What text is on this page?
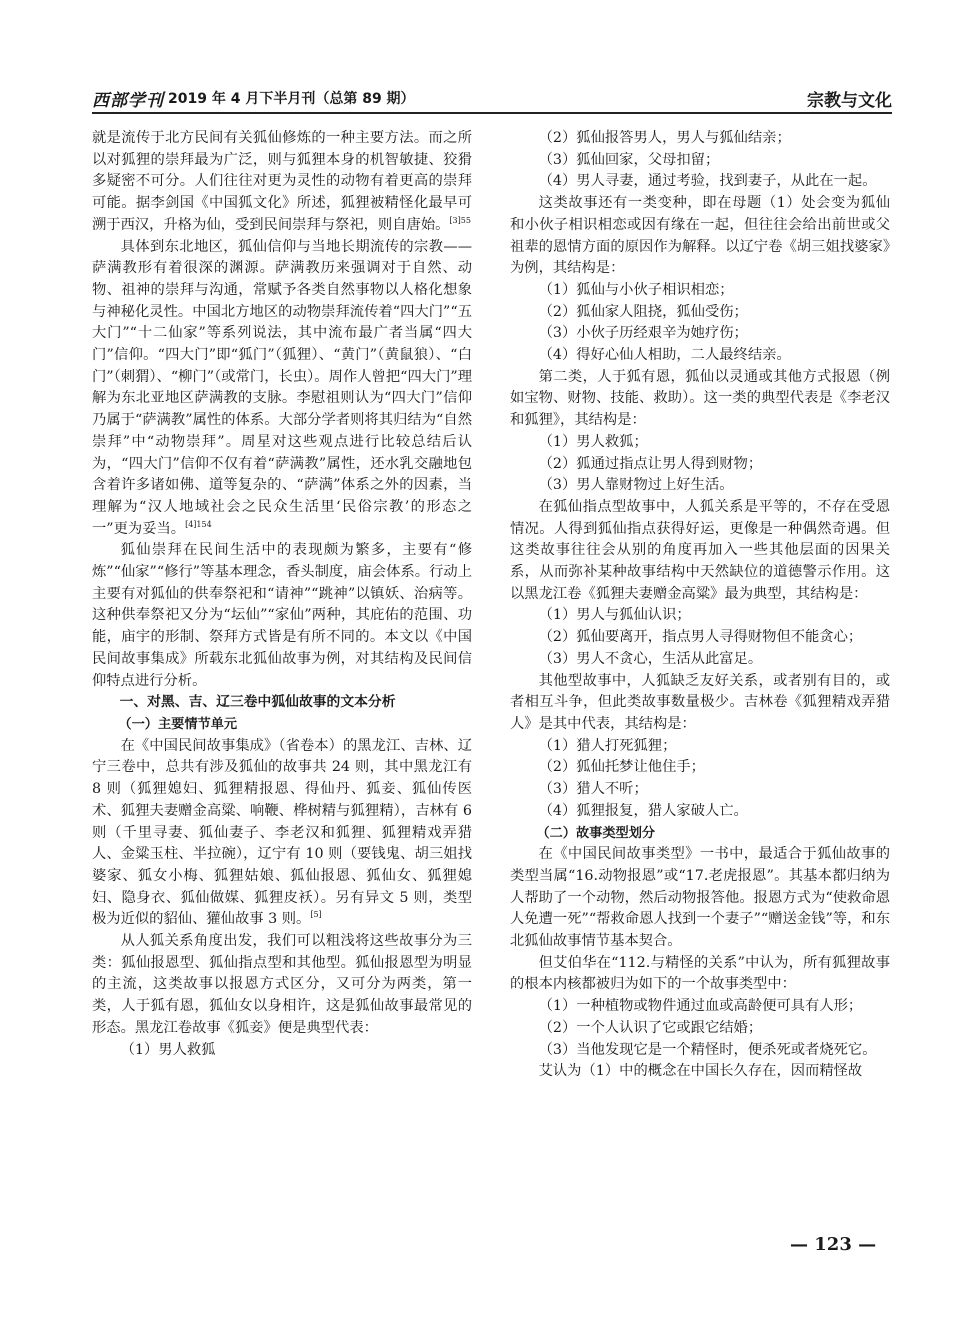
西部学刊 2019 年 4 月下半月刊（总第 89 期）	宗教与文化

就是流传于北方民间有关狐仙修炼的一种主要方法。而之所以对狐狸的崇拜最为广泛，则与狐狸本身的机智敏捷、狡猾多疑密不可分。人们往往对更为灵性的动物有着更高的崇拜可能。据李剑国《中国狐文化》所述，狐狸被精怪化最早可溯于西汉，升格为仙，受到民间崇拜与祭祀，则自唐始。$^{[3]55}$

具体到东北地区，狐仙信仰与当地长期流传的宗教——萨满教形有着很深的渊源。萨满教历来强调对于自然、动物、祖神的崇拜与沟通，常赋予各类自然事物以人格化想象与神秘化灵性。中国北方地区的动物崇拜流传着“四大门”“五大门”“十二仙家”等系列说法，其中流布最广者当属“四大门”信仰。“四大门”即“狐门”（狐狸）、“黄门”（黄鼠狼）、“白门”（刺猬）、“柳门”（或常门，长虫）。周作人曾把“四大门”理解为东北亚地区萨满教的支脉。李慰祖则认为“四大门”信仰乃属于“萨满教”属性的体系。大部分学者则将其归结为“自然崇拜”中“动物崇拜”。周星对这些观点进行比较总结后认为，“四大门”信仰不仅有着“萨满教”属性，还水乳交融地包含着许多诸如佛、道等复杂的、“萨满”体系之外的因素，当理解为“汉人地域社会之民众生活里‘民俗宗教’的形态之一”更为妥当。$^{[4]154}$

狐仙崇拜在民间生活中的表现颇为繁多，主要有“修炼”“仙家”“修行”等基本理念，香头制度，庙会体系。行动上主要有对狐仙的供奉祭祀和“请神”“跳神”以镇妖、治病等。这种供奉祭祀又分为“坛仙”“家仙”两种，其庇佑的范围、功能，庙宇的形制、祭拜方式皆是有所不同的。本文以《中国民间故事集成》所载东北狐仙故事为例，对其结构及民间信仰特点进行分析。

一、对黑、吉、辽三卷中狐仙故事的文本分析

（一）主要情节单元

在《中国民间故事集成》（省卷本）的黑龙江、吉林、辽宁三卷中，总共有涉及狐仙的故事共 24 则，其中黑龙江有 8 则（狐狸媳妇、狐狸精报恩、得仙丹、狐妾、狐仙传医术、狐狸夫妻赠金高粱、响鞭、桦树精与狐狸精），吉林有 6 则（千里寻妻、狐仙妻子、李老汉和狐狸、狐狸精戏弄猎人、金粱玉柱、半拉碗），辽宁有 10 则（要钱鬼、胡三姐找婆家、狐女小梅、狐狸姑娘、狐仙报恩、狐仙女、狐狸媳妇、隐身衣、狐仙做媒、狐狸皮袄）。另有异文 5 则，类型极为近似的貂仙、獾仙故事 3 则。[5]

从人狐关系角度出发，我们可以粗浅将这些故事分为三类：狐仙报恩型、狐仙指点型和其他型。狐仙报恩型为明显的主流，这类故事以报恩方式区分，又可分为两类，第一类，人于狐有恩，狐仙女以身相许，这是狐仙故事最常见的形态。黑龙江卷故事《狐妾》便是典型代表：

（1）男人救狐

（2）狐仙报答男人，男人与狐仙结亲；

（3）狐仙回家，父母扣留；

（4）男人寻妻，通过考验，找到妻子，从此在一起。

这类故事还有一类变种，即在母题（1）处会变为狐仙和小伙子相识相恋或因有缘在一起，但往往会给出前世或父祖辈的恩情方面的原因作为解释。以辽宁卷《胡三姐找婆家》为例，其结构是：

（1）狐仙与小伙子相识相恋；

（2）狐仙家人阻挠，狐仙受伤；

（3）小伙子历经艰辛为她疗伤；

（4）得好心仙人相助，二人最终结亲。

第二类，人于狐有恩，狐仙以灵通或其他方式报恩（例如宝物、财物、技能、救助）。这一类的典型代表是《李老汉和狐狸》，其结构是：

（1）男人救狐；

（2）狐通过指点让男人得到财物；

（3）男人靠财物过上好生活。

在狐仙指点型故事中，人狐关系是平等的，不存在受恩情况。人得到狐仙指点获得好运，更像是一种偶然奇遇。但这类故事往往会从别的角度再加入一些其他层面的因果关系，从而弥补某种故事结构中天然缺位的道德警示作用。这以黑龙江卷《狐狸夫妻赠金高粱》最为典型，其结构是：

（1）男人与狐仙认识；

（2）狐仙要离开，指点男人寻得财物但不能贪心；

（3）男人不贪心，生活从此富足。

其他型故事中，人狐缺乏友好关系，或者别有目的，或者相互斗争，但此类故事数量极少。吉林卷《狐狸精戏弄猎人》是其中代表，其结构是：

（1）猎人打死狐狸；

（2）狐仙托梦让他住手；

（3）猎人不听；

（4）狐狸报复，猎人家破人亡。

（二）故事类型划分

在《中国民间故事类型》一书中，最适合于狐仙故事的类型当属“16.动物报恩”或“17.老虎报恩”。其基本都归纳为人帮助了一个动物，然后动物报答他。报恩方式为“使救命恩人免遭一死”“帮救命恩人找到一个妻子”“赠送金钱”等，和东北狐仙故事情节基本契合。

但艾伯华在“112.与精怪的关系”中认为，所有狐狸故事的根本内核都被归为如下的一个故事类型中：

（1）一种植物或物件通过血或高龄便可具有人形；

（2）一个人认识了它或跟它结婚；

（3）当他发现它是一个精怪时，便杀死或者烧死它。

艾认为（1）中的概念在中国长久存在，因而精怪故

— 123 —
